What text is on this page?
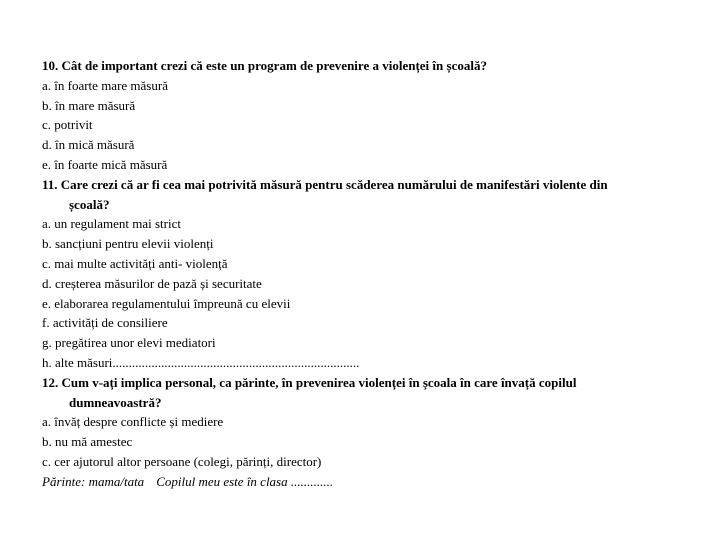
10. Cât de important crezi că este un program de prevenire a violenței în școală?
a. în foarte mare măsură
b. în mare măsură
c. potrivit
d. în mică măsură
e. în foarte mică măsură
11. Care crezi că ar fi cea mai potrivită măsură pentru scăderea numărului de manifestări violente din
școală?
a. un regulament mai strict
b. sancțiuni pentru elevii violenți
c. mai multe activități anti- violență
d. creșterea măsurilor de pază și securitate
e. elaborarea regulamentului împreună cu elevii
f. activități de consiliere
g. pregătirea unor elevi mediatori
h. alte măsuri............................................................................
12. Cum v-ați implica personal, ca părinte, în prevenirea violenței în școala în care învață copilul
dumneavoastră?
a. învăț despre conflicte și mediere
b. nu mă amestec
c. cer ajutorul altor persoane (colegi, părinți, director)
Părinte: mama/tata Copilul meu este în clasa .............
